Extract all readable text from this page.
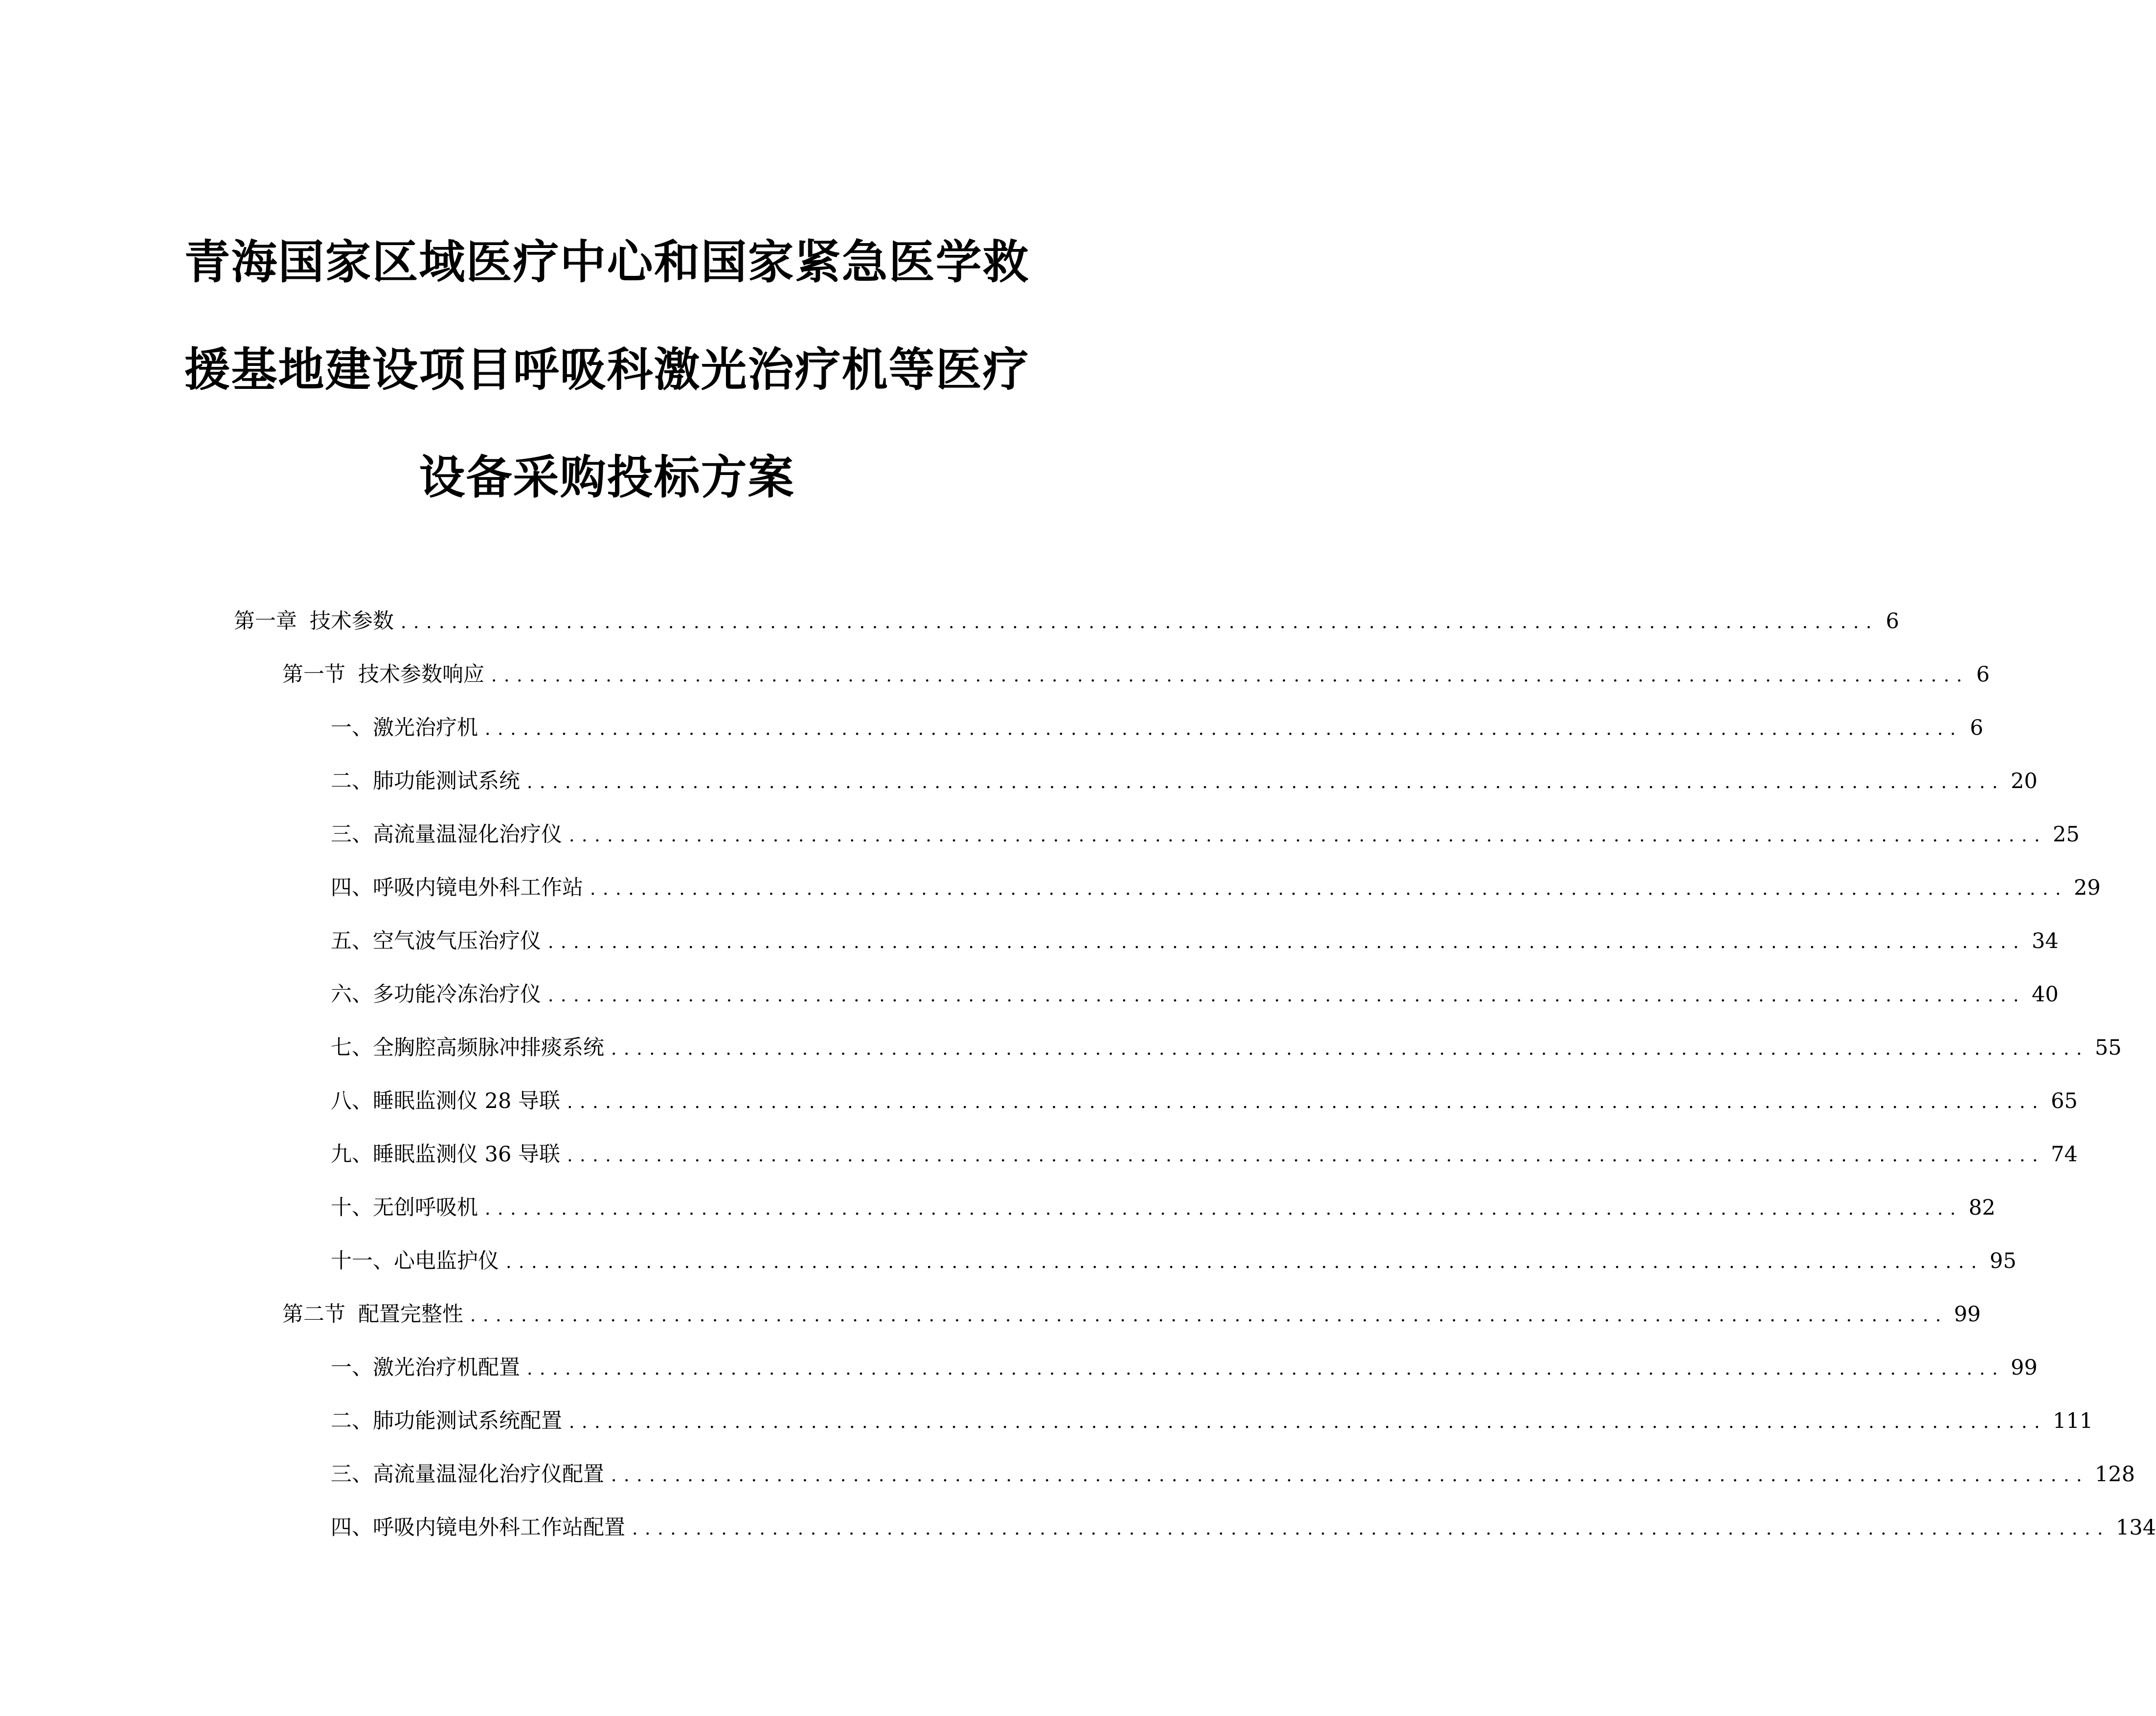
青海国家区域医疗中心和国家紧急医学救
援基地建设项目呼吸科激光治疗机等医疗
设备采购投标方案
第一章 技术参数 .................................................................................................................... 6
第一节 技术参数响应 .................................................................................................................... 6
一、 激光治疗机 .................................................................................................................... 6
二、 肺功能测试系统 .................................................................................................................... 20
三、 高流量温湿化治疗仪 .................................................................................................................... 25
四、 呼吸内镜电外科工作站 .................................................................................................................... 29
五、 空气波气压治疗仪 .................................................................................................................... 34
六、 多功能冷冻治疗仪 .................................................................................................................... 40
七、 全胸腔高频脉冲排痰系统 .................................................................................................................... 55
八、 睡眠监测仪 28 导联 .................................................................................................................... 65
九、 睡眠监测仪 36 导联 .................................................................................................................... 74
十、 无创呼吸机 .................................................................................................................... 82
十一、 心电监护仪 .................................................................................................................... 95
第二节 配置完整性 .................................................................................................................... 99
一、 激光治疗机配置 .................................................................................................................... 99
二、 肺功能测试系统配置 .................................................................................................................... 111
三、 高流量温湿化治疗仪配置 .................................................................................................................... 128
四、 呼吸内镜电外科工作站配置 .................................................................................................................... 134
